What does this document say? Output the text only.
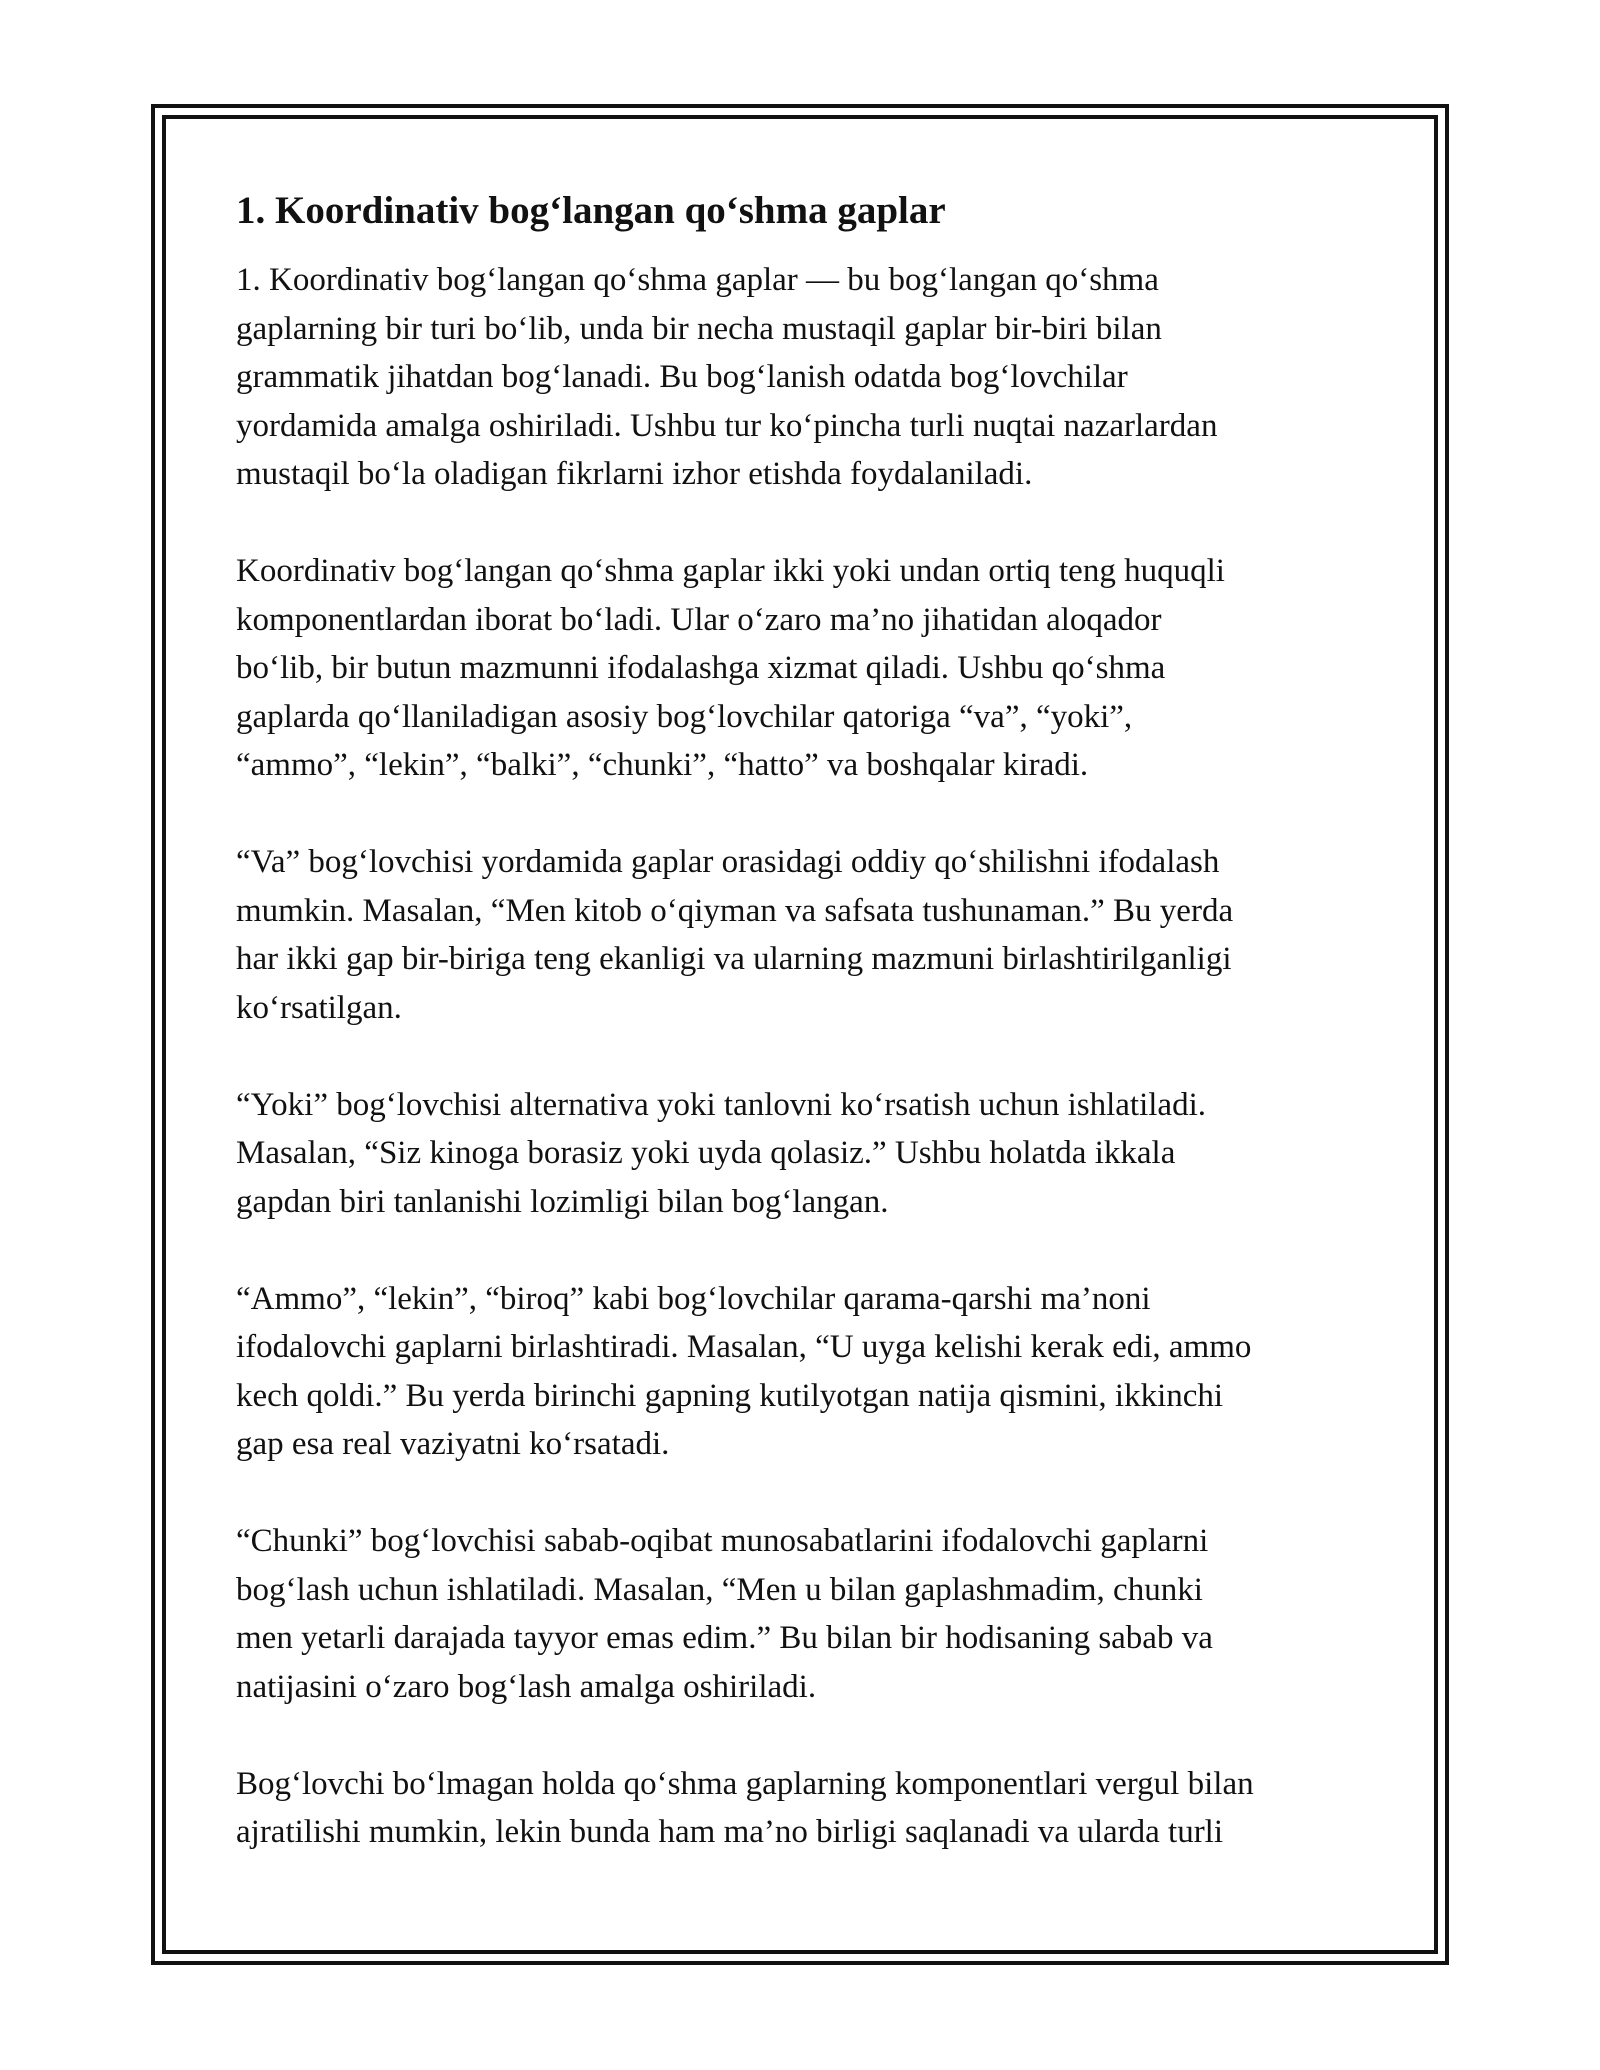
1. Koordinativ bog‘langan qo‘shma gaplar

1. Koordinativ bog‘langan qo‘shma gaplar — bu bog‘langan qo‘shma
gaplarning bir turi bo‘lib, unda bir necha mustaqil gaplar bir-biri bilan
grammatik jihatdan bog‘lanadi. Bu bog‘lanish odatda bog‘lovchilar
yordamida amalga oshiriladi. Ushbu tur ko‘pincha turli nuqtai nazarlardan
mustaqil bo‘la oladigan fikrlarni izhor etishda foydalaniladi.

Koordinativ bog‘langan qo‘shma gaplar ikki yoki undan ortiq teng huquqli
komponentlardan iborat bo‘ladi. Ular o‘zaro ma’no jihatidan aloqador
bo‘lib, bir butun mazmunni ifodalashga xizmat qiladi. Ushbu qo‘shma
gaplarda qo‘llaniladigan asosiy bog‘lovchilar qatoriga “va”, “yoki”,
“ammo”, “lekin”, “balki”, “chunki”, “hatto” va boshqalar kiradi.

“Va” bog‘lovchisi yordamida gaplar orasidagi oddiy qo‘shilishni ifodalash
mumkin. Masalan, “Men kitob o‘qiyman va safsata tushunaman.” Bu yerda
har ikki gap bir-biriga teng ekanligi va ularning mazmuni birlashtirilganligi
ko‘rsatilgan.

“Yoki” bog‘lovchisi alternativa yoki tanlovni ko‘rsatish uchun ishlatiladi.
Masalan, “Siz kinoga borasiz yoki uyda qolasiz.” Ushbu holatda ikkala
gapdan biri tanlanishi lozimligi bilan bog‘langan.

“Ammo”, “lekin”, “biroq” kabi bog‘lovchilar qarama-qarshi ma’noni
ifodalovchi gaplarni birlashtiradi. Masalan, “U uyga kelishi kerak edi, ammo
kech qoldi.” Bu yerda birinchi gapning kutilyotgan natija qismini, ikkinchi
gap esa real vaziyatni ko‘rsatadi.

“Chunki” bog‘lovchisi sabab-oqibat munosabatlarini ifodalovchi gaplarni
bog‘lash uchun ishlatiladi. Masalan, “Men u bilan gaplashmadim, chunki
men yetarli darajada tayyor emas edim.” Bu bilan bir hodisaning sabab va
natijasini o‘zaro bog‘lash amalga oshiriladi.

Bog‘lovchi bo‘lmagan holda qo‘shma gaplarning komponentlari vergul bilan
ajratilishi mumkin, lekin bunda ham ma’no birligi saqlanadi va ularda turli
